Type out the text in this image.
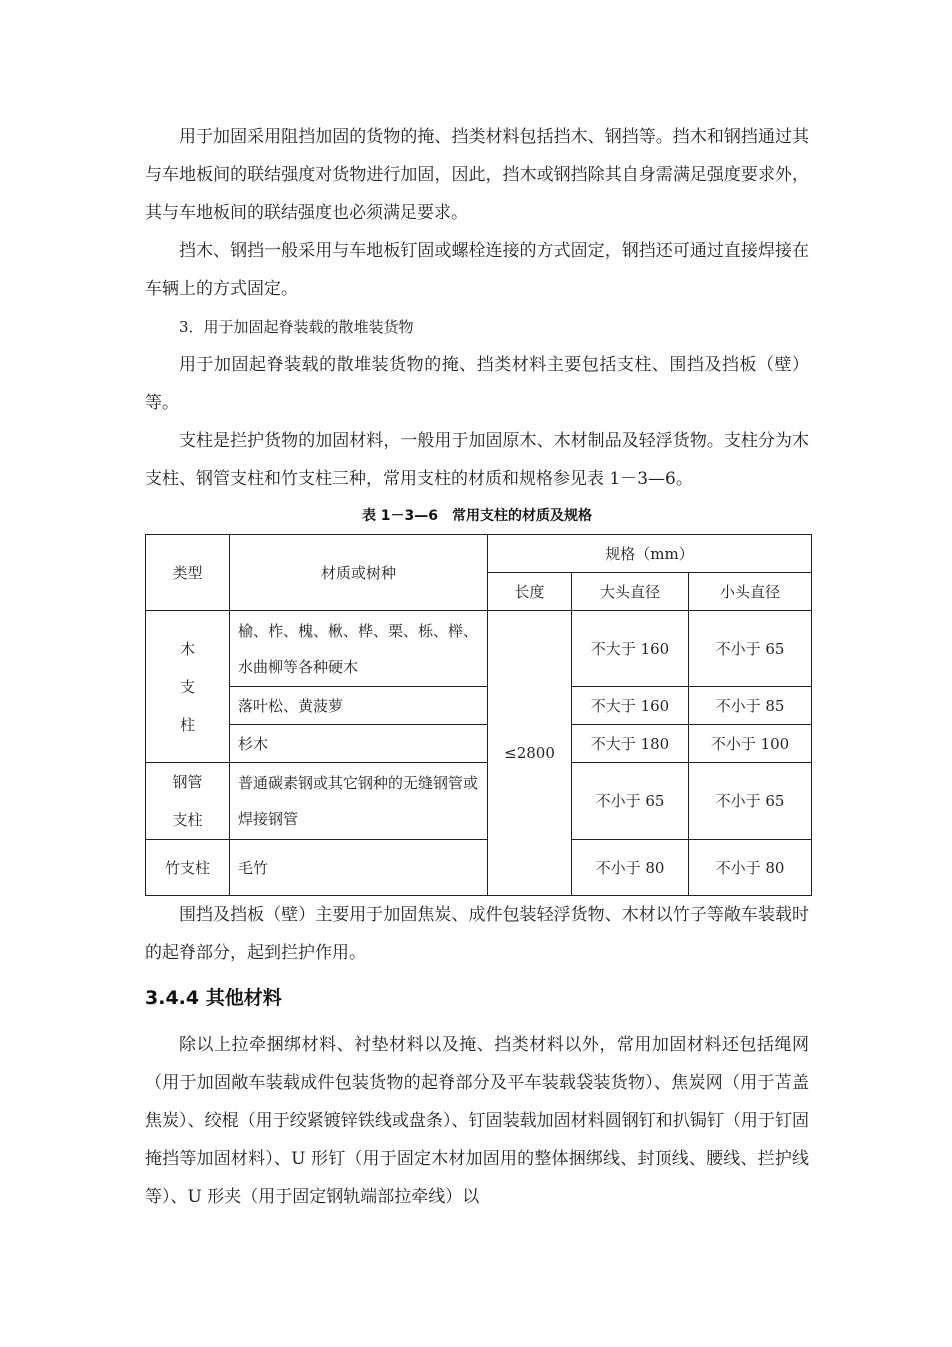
用于加固采用阻挡加固的货物的掩、挡类材料包括挡木、钢挡等。挡木和钢挡通过其与车地板间的联结强度对货物进行加固，因此，挡木或钢挡除其自身需满足强度要求外，其与车地板间的联结强度也必须满足要求。

挡木、钢挡一般采用与车地板钉固或螺栓连接的方式固定，钢挡还可通过直接焊接在车辆上的方式固定。

3．用于加固起脊装载的散堆装货物

用于加固起脊装载的散堆装货物的掩、挡类材料主要包括支柱、围挡及挡板（壁）等。

支柱是拦护货物的加固材料，一般用于加固原木、木材制品及轻浮货物。支柱分为木支柱、钢管支柱和竹支柱三种，常用支柱的材质和规格参见表 1－3—6。

表 1－3—6　常用支柱的材质及规格

类型	材质或树种	规格（mm）		
		长度	大头直径	小头直径

木
支
柱	榆、柞、槐、楸、桦、栗、栎、榉、水曲柳等各种硬木	≤2800	不大于 160	不小于 65
	落叶松、黄菠萝		不大于 160	不小于 85
	杉木		不大于 180	不小于 100

钢管
支柱	普通碳素钢或其它钢种的无缝钢管或焊接钢管		不小于 65	不小于 65
竹支柱	毛竹		不小于 80	不小于 80

围挡及挡板（壁）主要用于加固焦炭、成件包装轻浮货物、木材以竹子等敞车装载时的起脊部分，起到拦护作用。

3.4.4 其他材料

除以上拉牵捆绑材料、衬垫材料以及掩、挡类材料以外，常用加固材料还包括绳网（用于加固敞车装载成件包装货物的起脊部分及平车装载袋装货物）、焦炭网（用于苫盖焦炭）、绞棍（用于绞紧镀锌铁线或盘条）、钉固装载加固材料圆钢钉和扒锔钉（用于钉固掩挡等加固材料）、U 形钉（用于固定木材加固用的整体捆绑线、封顶线、腰线、拦护线等）、U 形夹（用于固定钢轨端部拉牵线）以
